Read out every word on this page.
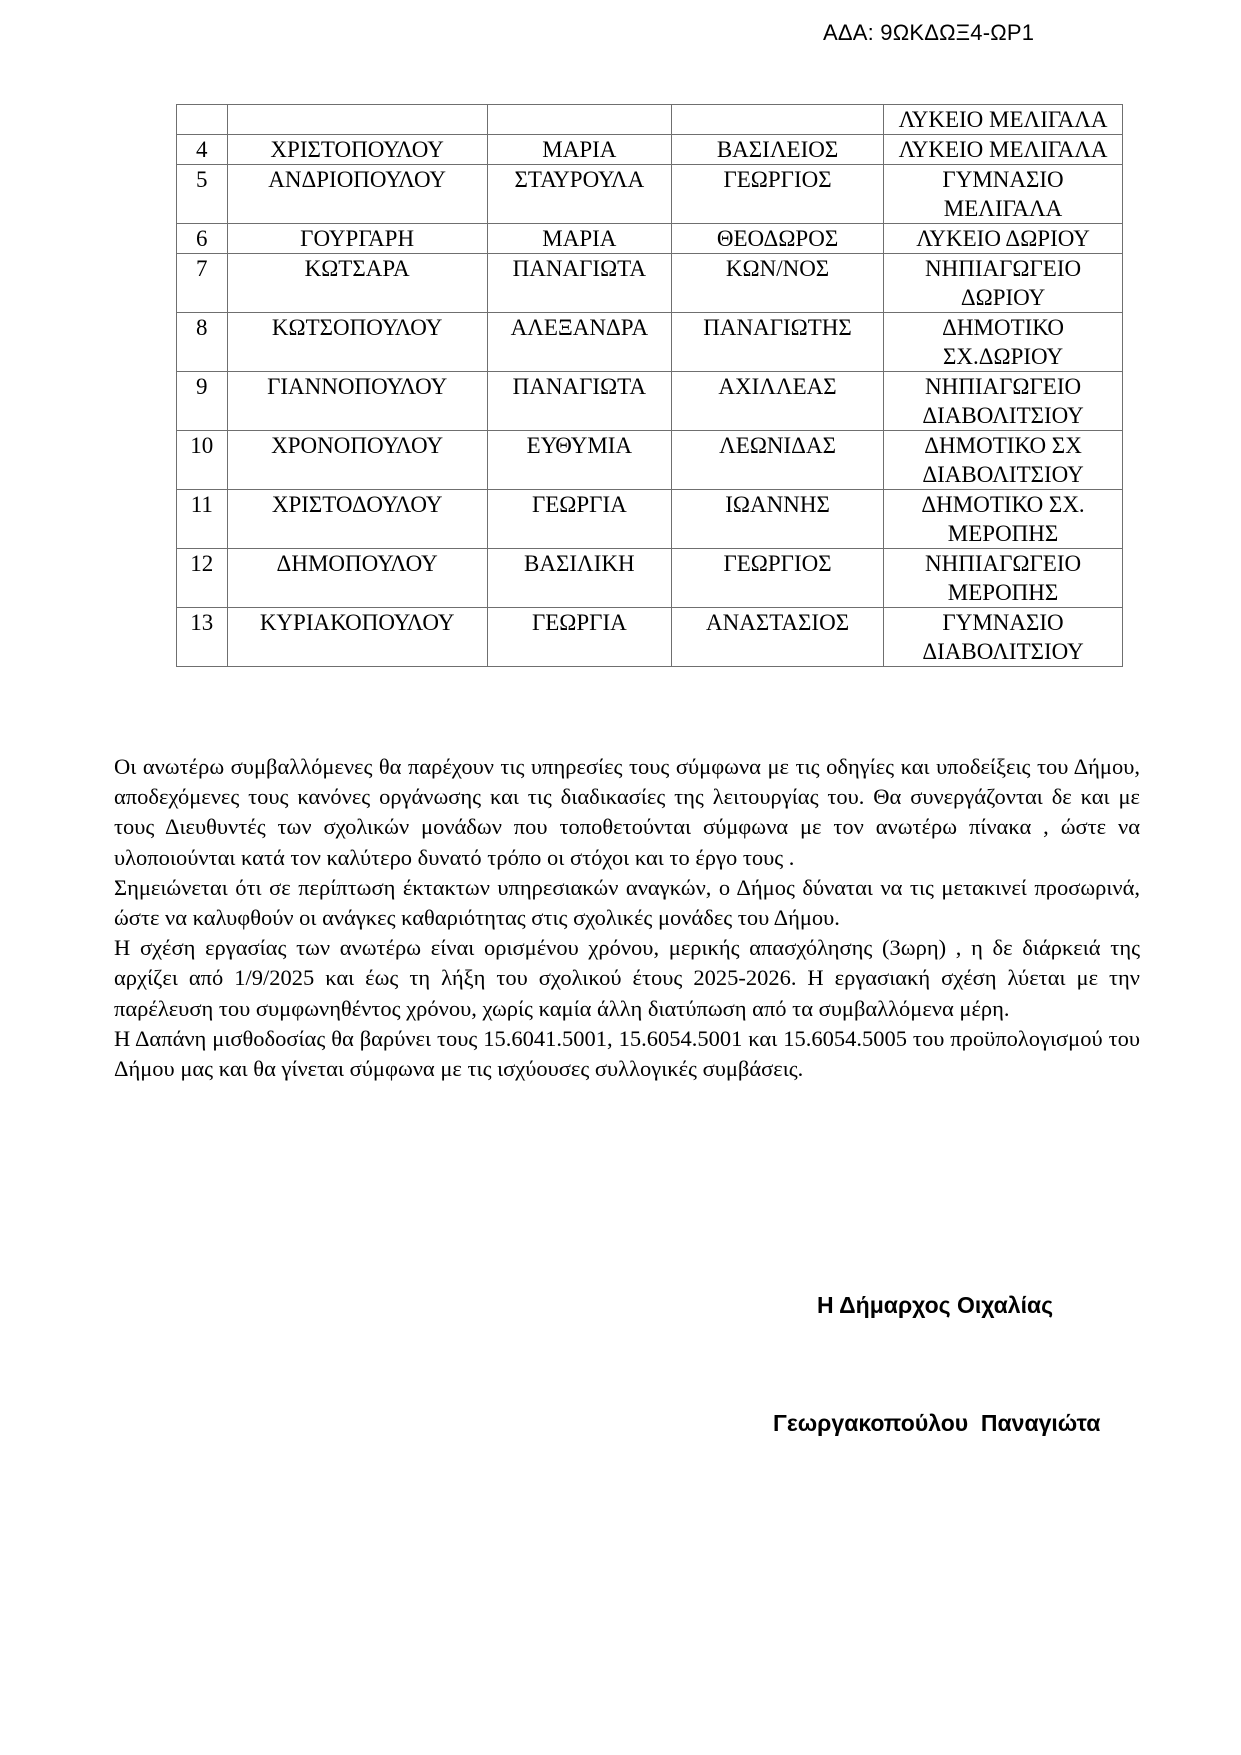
ΑΔΑ: 9ΩΚΔΩΞ4-ΩΡ1
				ΛΥΚΕΙΟ ΜΕΛΙΓΑΛΑ
4	ΧΡΙΣΤΟΠΟΥΛΟΥ	ΜΑΡΙΑ	ΒΑΣΙΛΕΙΟΣ	ΛΥΚΕΙΟ ΜΕΛΙΓΑΛΑ
5	ΑΝΔΡΙΟΠΟΥΛΟΥ	ΣΤΑΥΡΟΥΛΑ	ΓΕΩΡΓΙΟΣ	ΓΥΜΝΑΣΙΟ ΜΕΛΙΓΑΛΑ
6	ΓΟΥΡΓΑΡΗ	ΜΑΡΙΑ	ΘΕΟΔΩΡΟΣ	ΛΥΚΕΙΟ ΔΩΡΙΟΥ
7	ΚΩΤΣΑΡΑ	ΠΑΝΑΓΙΩΤΑ	ΚΩΝ/ΝΟΣ	ΝΗΠΙΑΓΩΓΕΙΟ ΔΩΡΙΟΥ
8	ΚΩΤΣΟΠΟΥΛΟΥ	ΑΛΕΞΑΝΔΡΑ	ΠΑΝΑΓΙΩΤΗΣ	ΔΗΜΟΤΙΚΟ ΣΧ.ΔΩΡΙΟΥ
9	ΓΙΑΝΝΟΠΟΥΛΟΥ	ΠΑΝΑΓΙΩΤΑ	ΑΧΙΛΛΕΑΣ	ΝΗΠΙΑΓΩΓΕΙΟ ΔΙΑΒΟΛΙΤΣΙΟΥ
10	ΧΡΟΝΟΠΟΥΛΟΥ	ΕΥΘΥΜΙΑ	ΛΕΩΝΙΔΑΣ	ΔΗΜΟΤΙΚΟ ΣΧ ΔΙΑΒΟΛΙΤΣΙΟΥ
11	ΧΡΙΣΤΟΔΟΥΛΟΥ	ΓΕΩΡΓΙΑ	ΙΩΑΝΝΗΣ	ΔΗΜΟΤΙΚΟ ΣΧ. ΜΕΡΟΠΗΣ
12	ΔΗΜΟΠΟΥΛΟΥ	ΒΑΣΙΛΙΚΗ	ΓΕΩΡΓΙΟΣ	ΝΗΠΙΑΓΩΓΕΙΟ ΜΕΡΟΠΗΣ
13	ΚΥΡΙΑΚΟΠΟΥΛΟΥ	ΓΕΩΡΓΙΑ	ΑΝΑΣΤΑΣΙΟΣ	ΓΥΜΝΑΣΙΟ ΔΙΑΒΟΛΙΤΣΙΟΥ

Οι ανωτέρω συμβαλλόμενες θα παρέχουν τις υπηρεσίες τους σύμφωνα με τις οδηγίες και υποδείξεις του Δήμου, αποδεχόμενες τους κανόνες οργάνωσης και τις διαδικασίες της λειτουργίας του. Θα συνεργάζονται δε και με τους Διευθυντές των σχολικών μονάδων που τοποθετούνται σύμφωνα με τον ανωτέρω πίνακα , ώστε να υλοποιούνται κατά τον καλύτερο δυνατό τρόπο οι στόχοι και το έργο τους .

Σημειώνεται ότι σε περίπτωση έκτακτων υπηρεσιακών αναγκών, ο Δήμος δύναται να τις μετακινεί προσωρινά, ώστε να καλυφθούν οι ανάγκες καθαριότητας στις σχολικές μονάδες του Δήμου.

Η σχέση εργασίας των ανωτέρω είναι ορισμένου χρόνου, μερικής απασχόλησης (3ωρη) , η δε διάρκειά της αρχίζει από 1/9/2025 και έως τη λήξη του σχολικού έτους 2025-2026. Η εργασιακή σχέση λύεται με την παρέλευση του συμφωνηθέντος χρόνου, χωρίς καμία άλλη διατύπωση από τα συμβαλλόμενα μέρη.

Η Δαπάνη μισθοδοσίας θα βαρύνει τους 15.6041.5001, 15.6054.5001 και 15.6054.5005 του προϋπολογισμού του Δήμου μας και θα γίνεται σύμφωνα με τις ισχύουσες συλλογικές συμβάσεις.

Η Δήμαρχος Οιχαλίας
Γεωργακοπούλου  Παναγιώτα
